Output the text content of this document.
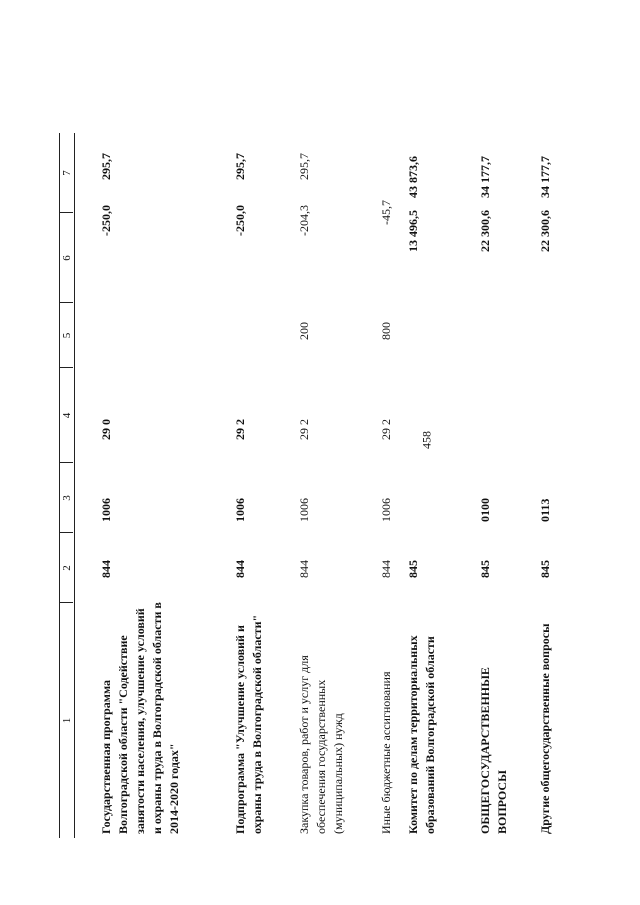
458
1
2
3
4
5
6
7
Государственная программа Волгоградской области "Содействие занятости населения, улучшение условий и охраны труда в Волгоградской области в 2014-2020 годах"
844
1006
29 0
-250,0
295,7
Подпрограмма "Улучшение условий и охраны труда в Волгоградской области"
844
1006
29 2
-250,0
295,7
Закупка товаров, работ и услуг для обеспечения государственных (муниципальных) нужд
844
1006
29 2
200
-204,3
295,7
Иные бюджетные ассигнования
844
1006
29 2
800
-45,7
Комитет по делам территориальных образований Волгоградской области
845
13 496,5
43 873,6
ОБЩЕГОСУДАРСТВЕННЫЕ ВОПРОСЫ
845
0100
22 300,6
34 177,7
Другие общегосударственные вопросы
845
0113
22 300,6
34 177,7
